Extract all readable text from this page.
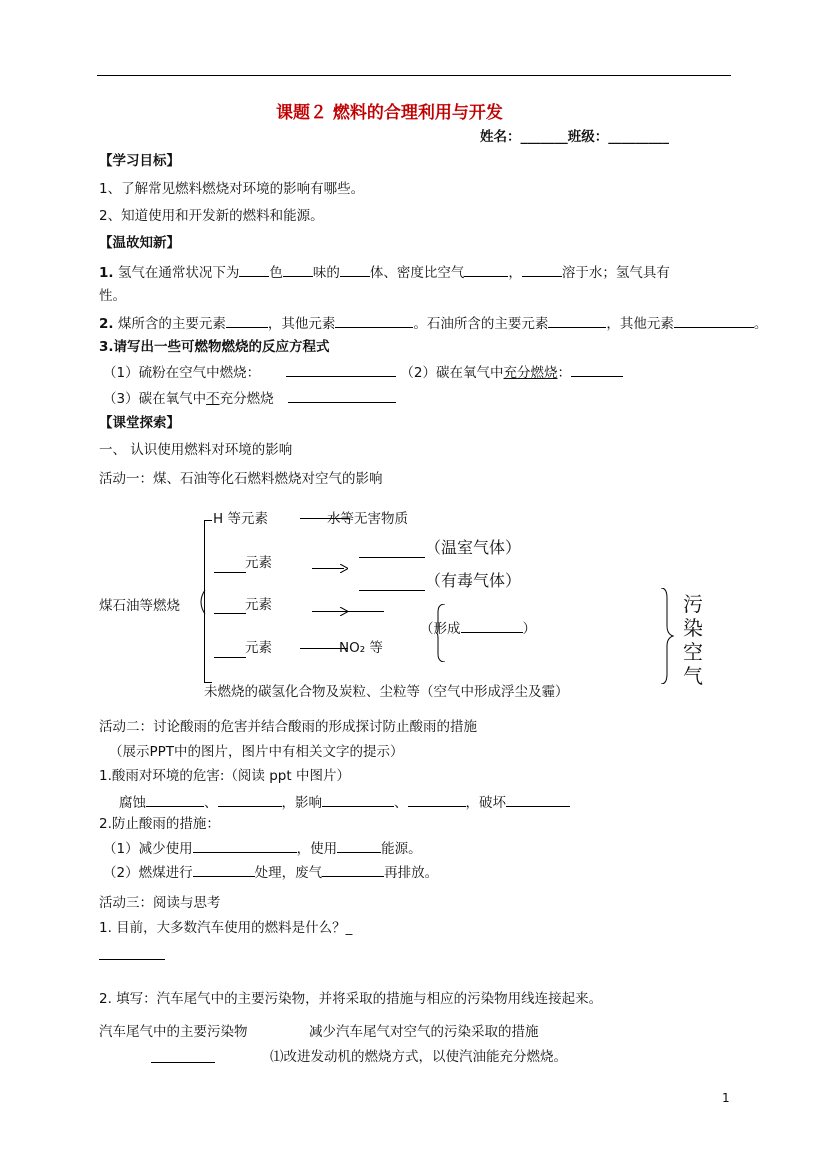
课题２ 燃料的合理利用与开发
姓名：_______班级：_________
【学习目标】
1、了解常见燃料燃烧对环境的影响有哪些。
2、知道使用和开发新的燃料和能源。
【温故知新】
1. 氢气在通常状况下为 色 味的 体、密度比空气	，	溶于水；氢气具有
性。
2. 煤所含的主要元素	，其他元素	。石油所含的主要元素	，其他元素	。
3.请写出一些可燃物燃烧的反应方程式
（1）硫粉在空气中燃烧：	（2）碳在氧气中充分燃烧：
（3）碳在氧气中不充分燃烧
【课堂探索】
一、 认识使用燃料对环境的影响
活动一：煤、石油等化石燃料燃烧对空气的影响
煤石油等燃烧
H 等元素	水等无害物质
元素
（温室气体）
（有毒气体）
元素
（形成	）
元素	NO₂ 等
未燃烧的碳氢化合物及炭粒、尘粒等（空气中形成浮尘及霾）
污
染
空
气
活动二：讨论酸雨的危害并结合酸雨的形成探讨防止酸雨的措施
（展示PPT中的图片，图片中有相关文字的提示）
1.酸雨对环境的危害:（阅读 ppt 中图片）
腐蚀	、	，影响	、	，破坏
2.防止酸雨的措施：
（1）减少使用	，使用	能源。
（2）燃煤进行	处理，废气	再排放。
活动三：阅读与思考
1. 目前，大多数汽车使用的燃料是什么？_
2. 填写：汽车尾气中的主要污染物，并将采取的措施与相应的污染物用线连接起来。
汽车尾气中的主要污染物	减少汽车尾气对空气的污染采取的措施
⑴改进发动机的燃烧方式，以使汽油能充分燃烧。
1
